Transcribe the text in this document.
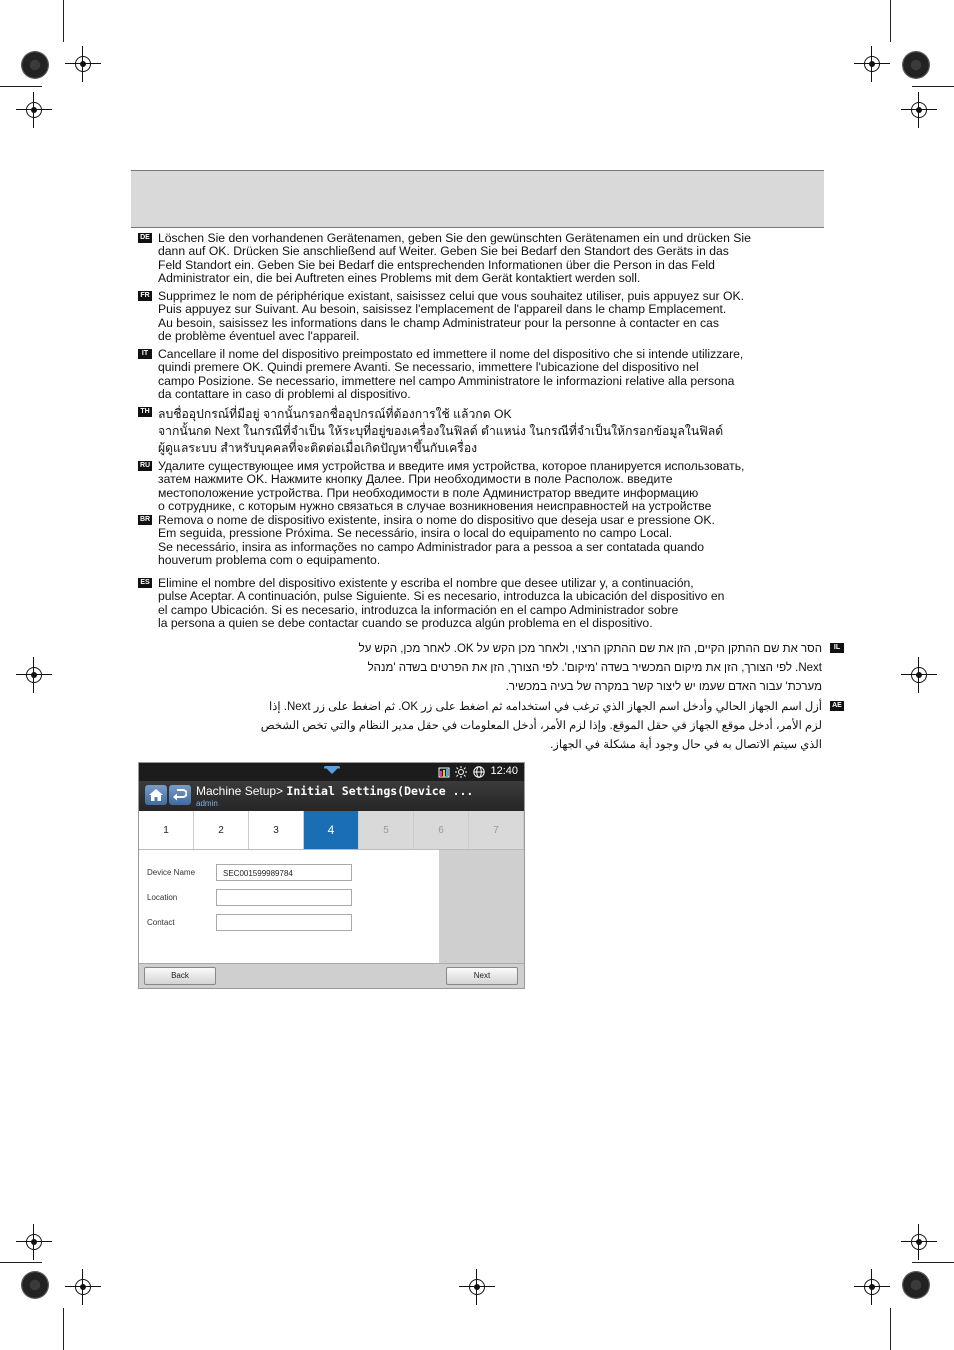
DE Löschen Sie den vorhandenen Gerätenamen, geben Sie den gewünschten Gerätenamen ein und drücken Sie

dann auf OK. Drücken Sie anschließend auf Weiter. Geben Sie bei Bedarf den Standort des Geräts in das

Feld Standort ein. Geben Sie bei Bedarf die entsprechenden Informationen über die Person in das Feld

Administrator ein, die bei Auftreten eines Problems mit dem Gerät kontaktiert werden soll.

FR Supprimez le nom de périphérique existant, saisissez celui que vous souhaitez utiliser, puis appuyez sur OK.

Puis appuyez sur Suivant. Au besoin, saisissez l'emplacement de l'appareil dans le champ Emplacement.

Au besoin, saisissez les informations dans le champ Administrateur pour la personne à contacter en cas

de problème éventuel avec l'appareil.

IT Cancellare il nome del dispositivo preimpostato ed immettere il nome del dispositivo che si intende utilizzare,

quindi premere OK. Quindi premere Avanti. Se necessario, immettere l'ubicazione del dispositivo nel

campo Posizione. Se necessario, immettere nel campo Amministratore le informazioni relative alla persona

da contattare in caso di problemi al dispositivo.

TH ลบชื่ออุปกรณ์ที่มีอยู่ จากนั้นกรอกชื่ออุปกรณ์ที่ต้องการใช้ แล้วกด OK

จากนั้นกด Next ในกรณีที่จำเป็น ให้ระบุที่อยู่ของเครื่องในฟิลด์ ตำแหน่ง ในกรณีที่จำเป็นให้กรอกข้อมูลในฟิลด์

ผู้ดูแลระบบ สำหรับบุคคลที่จะติดต่อเมื่อเกิดปัญหาขึ้นกับเครื่อง

RU Удалите существующее имя устройства и введите имя устройства, которое планируется использовать,

затем нажмите OK. Нажмите кнопку Далее. При необходимости в поле Располож. введите

местоположение устройства. При необходимости в поле Администратор введите информацию

о сотруднике, с которым нужно связаться в случае возникновения неисправностей на устройстве

BR Remova o nome de dispositivo existente, insira o nome do dispositivo que deseja usar e pressione OK.

Em seguida, pressione Próxima. Se necessário, insira o local do equipamento no campo Local.

Se necessário, insira as informações no campo Administrador para a pessoa a ser contatada quando

houverum problema com o equipamento.

ES Elimine el nombre del dispositivo existente y escriba el nombre que desee utilizar y, a continuación,

pulse Aceptar. A continuación, pulse Siguiente. Si es necesario, introduzca la ubicación del dispositivo en

el campo Ubicación. Si es necesario, introduzca la información en el campo Administrador sobre

la persona a quien se debe contactar cuando se produzca algún problema en el dispositivo.

IL

הסר את שם ההתקן הקיים, הזן את שם ההתקן הרצוי, ולאחר מכן הקש על OK. לאחר מכן, הקש על

Next. לפי הצורך, הזן את מיקום המכשיר בשדה 'מיקום'. לפי הצורך, הזן את הפרטים בשדה 'מנהל

מערכת' עבור האדם שעמו יש ליצור קשר במקרה של בעיה במכשיר.

AE

أزل اسم الجهاز الحالي وأدخل اسم الجهاز الذي ترغب في استخدامه ثم اضغط على زر OK. ثم اضغط على زر Next. إذا

لزم الأمر، أدخل موقع الجهاز في حقل الموقع. وإذا لزم الأمر، أدخل المعلومات في حقل مدير النظام والتي تخص الشخص

الذي سيتم الاتصال به في حال وجود أية مشكلة في الجهاز.

12:40
Machine Setup> Initial Settings(Device ...
admin
1	2	3	4	5	6	7
Device Name	SEC001599989784
Location
Contact
Back	Next
